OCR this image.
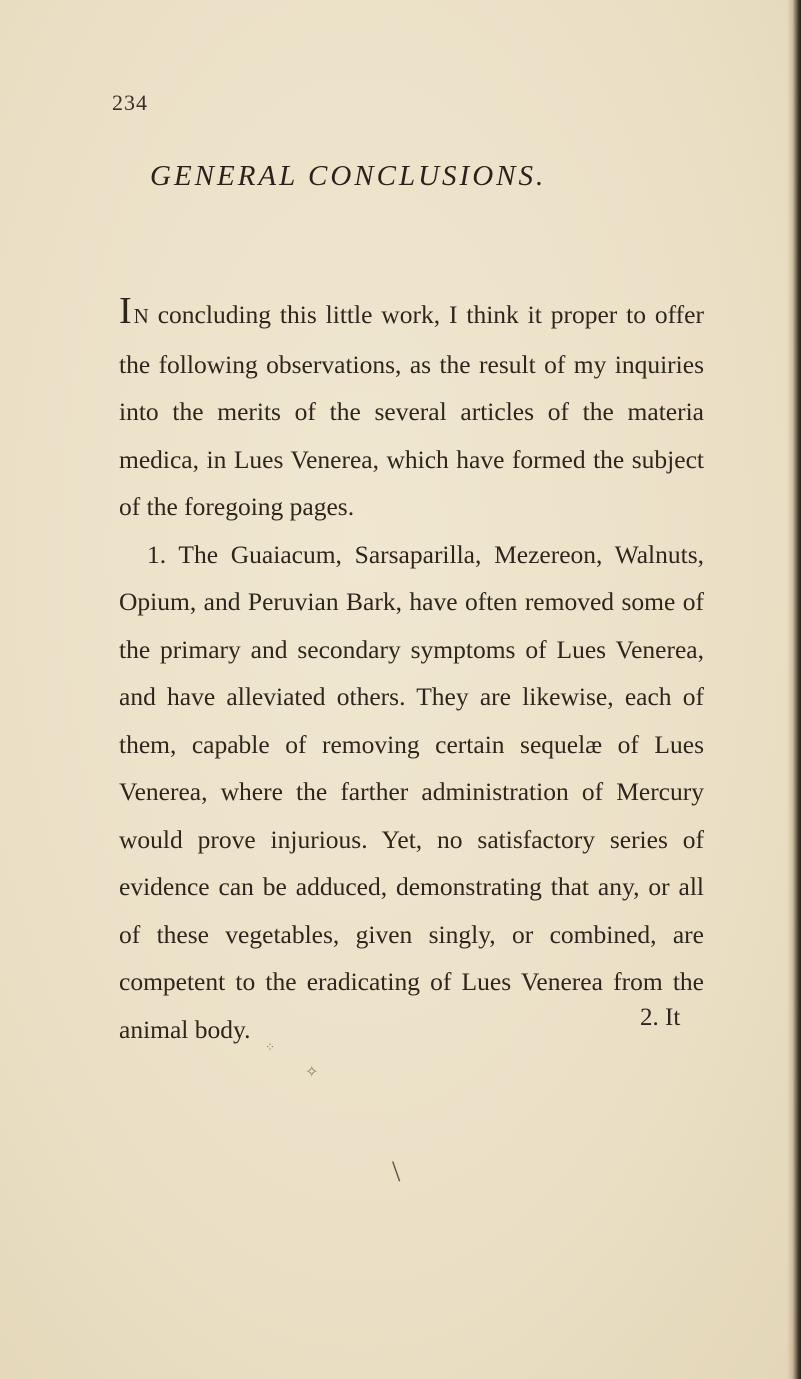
234
GENERAL CONCLUSIONS.

IN concluding this little work, I think it proper to offer the following observations, as the result of my inquiries into the merits of the several articles of the materia medica, in Lues Venerea, which have formed the subject of the foregoing pages.

1. The Guaiacum, Sarsaparilla, Mezereon, Walnuts, Opium, and Peruvian Bark, have often removed some of the primary and secondary symptoms of Lues Venerea, and have alleviated others. They are likewise, each of them, capable of removing certain sequelæ of Lues Venerea, where the farther administration of Mercury would prove injurious. Yet, no satisfactory series of evidence can be adduced, demonstrating that any, or all of these vegetables, given singly, or combined, are competent to the eradicating of Lues Venerea from the animal body.	2. It
⁘
✧
\
